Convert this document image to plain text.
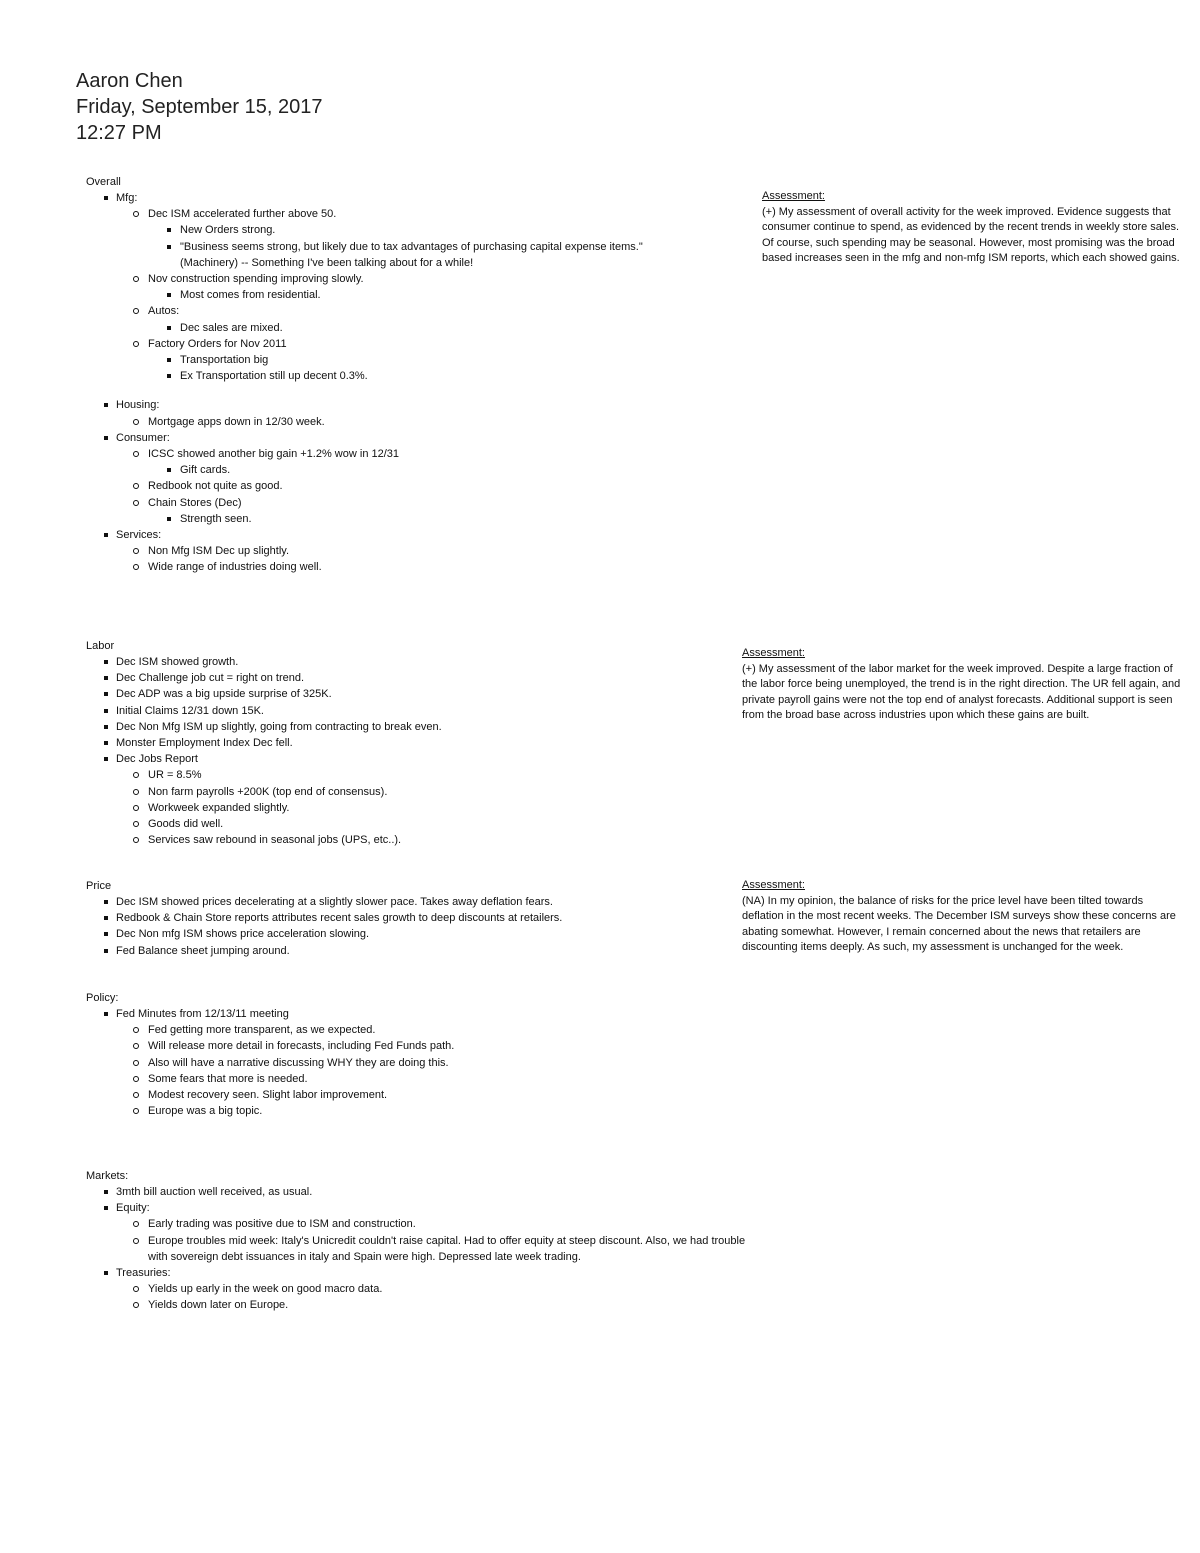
Aaron Chen
Friday, September 15, 2017
12:27 PM
Overall
Mfg:
Dec ISM accelerated further above 50.
New Orders strong.
"Business seems strong, but likely due to tax advantages of purchasing capital expense items."
(Machinery) -- Something I've been talking about for a while!
Nov construction spending improving slowly.
Most comes from residential.
Autos:
Dec sales are mixed.
Factory Orders for Nov 2011
Transportation big
Ex Transportation still up decent 0.3%.
Housing:
Mortgage apps down in 12/30 week.
Consumer:
ICSC showed another big gain +1.2% wow in 12/31
Gift cards.
Redbook not quite as good.
Chain Stores (Dec)
Strength seen.
Services:
Non Mfg ISM Dec up slightly.
Wide range of industries doing well.
Assessment:
(+) My assessment of overall activity for the week improved. Evidence suggests that consumer continue to spend, as evidenced by the recent trends in weekly store sales. Of course, such spending may be seasonal. However, most promising was the broad based increases seen in the mfg and non-mfg ISM reports, which each showed gains.
Labor
Dec ISM showed growth.
Dec Challenge job cut = right on trend.
Dec ADP was a big upside surprise of 325K.
Initial Claims 12/31 down 15K.
Dec Non Mfg ISM up slightly, going from contracting to break even.
Monster Employment Index Dec fell.
Dec Jobs Report
UR = 8.5%
Non farm payrolls +200K (top end of consensus).
Workweek expanded slightly.
Goods did well.
Services saw rebound in seasonal jobs (UPS, etc..).
Assessment:
(+) My assessment of the labor market for the week improved. Despite a large fraction of the labor force being unemployed, the trend is in the right direction. The UR fell again, and private payroll gains were not the top end of analyst forecasts. Additional support is seen from the broad base across industries upon which these gains are built.
Price
Dec ISM showed prices decelerating at a slightly slower pace. Takes away deflation fears.
Redbook & Chain Store reports attributes recent sales growth to deep discounts at retailers.
Dec Non mfg ISM shows price acceleration slowing.
Fed Balance sheet jumping around.
Assessment:
(NA) In my opinion, the balance of risks for the price level have been tilted towards deflation in the most recent weeks. The December ISM surveys show these concerns are abating somewhat. However, I remain concerned about the news that retailers are discounting items deeply. As such, my assessment is unchanged for the week.
Policy:
Fed Minutes from 12/13/11 meeting
Fed getting more transparent, as we expected.
Will release more detail in forecasts, including Fed Funds path.
Also will have a narrative discussing WHY they are doing this.
Some fears that more is needed.
Modest recovery seen. Slight labor improvement.
Europe was a big topic.
Markets:
3mth bill auction well received, as usual.
Equity:
Early trading was positive due to ISM and construction.
Europe troubles mid week: Italy's Unicredit couldn't raise capital. Had to offer equity at steep discount. Also, we had trouble with sovereign debt issuances in italy and Spain were high. Depressed late week trading.
Treasuries:
Yields up early in the week on good macro data.
Yields down later on Europe.
